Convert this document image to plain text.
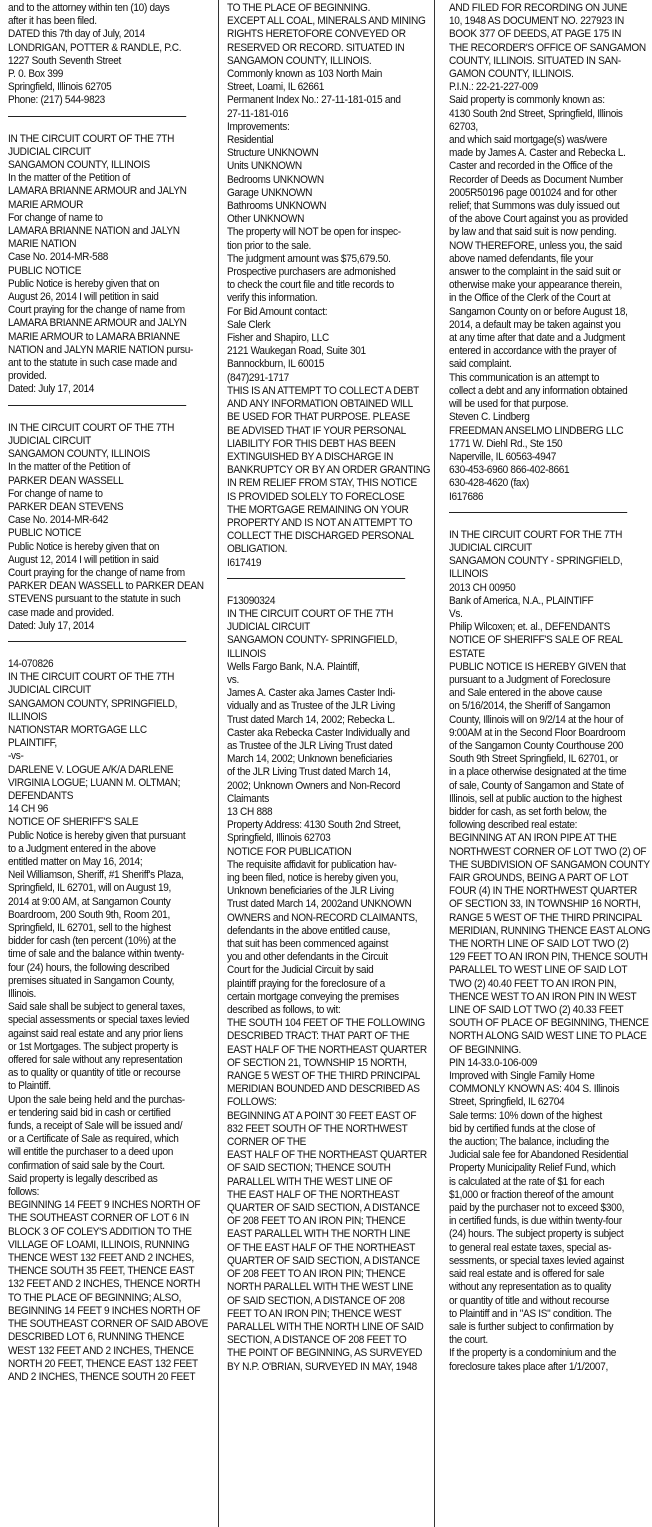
and to the attorney within ten (10) days
after it has been filed.
DATED this 7th day of July, 2014
LONDRIGAN, POTTER & RANDLE, P.C.
1227 South Seventh Street
P. 0. Box 399
Springfield, Illinois 62705
Phone: (217) 544-9823
IN THE CIRCUIT COURT OF THE 7TH
JUDICIAL CIRCUIT
SANGAMON COUNTY, ILLINOIS
In the matter of the Petition of
LAMARA BRIANNE ARMOUR and JALYN
MARIE ARMOUR
For change of name to
LAMARA BRIANNE NATION and JALYN
MARIE NATION
Case No. 2014-MR-588
PUBLIC NOTICE
Public Notice is hereby given that on
August 26, 2014 I will petition in said
Court praying for the change of name from
LAMARA BRIANNE ARMOUR and JALYN
MARIE ARMOUR to LAMARA BRIANNE
NATION and JALYN MARIE NATION pursu-
ant to the statute in such case made and
provided.
Dated: July 17, 2014
IN THE CIRCUIT COURT OF THE 7TH
JUDICIAL CIRCUIT
SANGAMON COUNTY, ILLINOIS
In the matter of the Petition of
PARKER DEAN WASSELL
For change of name to
PARKER DEAN STEVENS
Case No. 2014-MR-642
PUBLIC NOTICE
Public Notice is hereby given that on
August 12, 2014 I will petition in said
Court praying for the change of name from
PARKER DEAN WASSELL to PARKER DEAN
STEVENS pursuant to the statute in such
case made and provided.
Dated: July 17, 2014
14-070826
IN THE CIRCUIT COURT OF THE 7TH
JUDICIAL CIRCUIT
SANGAMON COUNTY, SPRINGFIELD,
ILLINOIS
NATIONSTAR MORTGAGE LLC
PLAINTIFF,
-vs-
DARLENE V. LOGUE A/K/A DARLENE
VIRGINIA LOGUE; LUANN M. OLTMAN;
DEFENDANTS
14 CH 96
NOTICE OF SHERIFF'S SALE
Public Notice is hereby given that pursuant
to a Judgment entered in the above
entitled matter on May 16, 2014;
Neil Williamson, Sheriff, #1 Sheriff's Plaza,
Springfield, IL 62701, will on August 19,
2014 at 9:00 AM, at Sangamon County
Boardroom, 200 South 9th, Room 201,
Springfield, IL 62701, sell to the highest
bidder for cash (ten percent (10%) at the
time of sale and the balance within twenty-
four (24) hours, the following described
premises situated in Sangamon County,
Illinois.
Said sale shall be subject to general taxes,
special assessments or special taxes levied
against said real estate and any prior liens
or 1st Mortgages. The subject property is
offered for sale without any representation
as to quality or quantity of title or recourse
to Plaintiff.
Upon the sale being held and the purchas-
er tendering said bid in cash or certified
funds, a receipt of Sale will be issued and/
or a Certificate of Sale as required, which
will entitle the purchaser to a deed upon
confirmation of said sale by the Court.
Said property is legally described as
follows:
BEGINNING 14 FEET 9 INCHES NORTH OF
THE SOUTHEAST CORNER OF LOT 6 IN
BLOCK 3 OF COLEY'S ADDITION TO THE
VILLAGE OF LOAMI, ILLINOIS, RUNNING
THENCE WEST 132 FEET AND 2 INCHES,
THENCE SOUTH 35 FEET, THENCE EAST
132 FEET AND 2 INCHES, THENCE NORTH
TO THE PLACE OF BEGINNING; ALSO,
BEGINNING 14 FEET 9 INCHES NORTH OF
THE SOUTHEAST CORNER OF SAID ABOVE
DESCRIBED LOT 6, RUNNING THENCE
WEST 132 FEET AND 2 INCHES, THENCE
NORTH 20 FEET, THENCE EAST 132 FEET
AND 2 INCHES, THENCE SOUTH 20 FEET
TO THE PLACE OF BEGINNING.
EXCEPT ALL COAL, MINERALS AND MINING
RIGHTS HERETOFORE CONVEYED OR
RESERVED OR RECORD. SITUATED IN
SANGAMON COUNTY, ILLINOIS.
Commonly known as 103 North Main
Street, Loami, IL 62661
Permanent Index No.: 27-11-181-015 and
27-11-181-016
Improvements:
Residential
Structure UNKNOWN
Units UNKNOWN
Bedrooms UNKNOWN
Garage UNKNOWN
Bathrooms UNKNOWN
Other UNKNOWN
The property will NOT be open for inspec-
tion prior to the sale.
The judgment amount was $75,679.50.
Prospective purchasers are admonished
to check the court file and title records to
verify this information.
For Bid Amount contact:
Sale Clerk
Fisher and Shapiro, LLC
2121 Waukegan Road, Suite 301
Bannockburn, IL 60015
(847)291-1717
THIS IS AN ATTEMPT TO COLLECT A DEBT
AND ANY INFORMATION OBTAINED WILL
BE USED FOR THAT PURPOSE. PLEASE
BE ADVISED THAT IF YOUR PERSONAL
LIABILITY FOR THIS DEBT HAS BEEN
EXTINGUISHED BY A DISCHARGE IN
BANKRUPTCY OR BY AN ORDER GRANTING
IN REM RELIEF FROM STAY, THIS NOTICE
IS PROVIDED SOLELY TO FORECLOSE
THE MORTGAGE REMAINING ON YOUR
PROPERTY AND IS NOT AN ATTEMPT TO
COLLECT THE DISCHARGED PERSONAL
OBLIGATION.
I617419
F13090324
IN THE CIRCUIT COURT OF THE 7TH
JUDICIAL CIRCUIT
SANGAMON COUNTY- SPRINGFIELD,
ILLINOIS
Wells Fargo Bank, N.A. Plaintiff,
vs.
James A. Caster aka James Caster Indi-
vidually and as Trustee of the JLR Living
Trust dated March 14, 2002; Rebecka L.
Caster aka Rebecka Caster Individually and
as Trustee of the JLR Living Trust dated
March 14, 2002; Unknown beneficiaries
of the JLR Living Trust dated March 14,
2002; Unknown Owners and Non-Record
Claimants
13 CH 888
Property Address: 4130 South 2nd Street,
Springfield, Illinois 62703
NOTICE FOR PUBLICATION
The requisite affidavit for publication hav-
ing been filed, notice is hereby given you,
Unknown beneficiaries of the JLR Living
Trust dated March 14, 2002and UNKNOWN
OWNERS and NON-RECORD CLAIMANTS,
defendants in the above entitled cause,
that suit has been commenced against
you and other defendants in the Circuit
Court for the Judicial Circuit by said
plaintiff praying for the foreclosure of a
certain mortgage conveying the premises
described as follows, to wit:
THE SOUTH 104 FEET OF THE FOLLOWING
DESCRIBED TRACT: THAT PART OF THE
EAST HALF OF THE NORTHEAST QUARTER
OF SECTION 21, TOWNSHIP 15 NORTH,
RANGE 5 WEST OF THE THIRD PRINCIPAL
MERIDIAN BOUNDED AND DESCRIBED AS
FOLLOWS:
BEGINNING AT A POINT 30 FEET EAST OF
832 FEET SOUTH OF THE NORTHWEST
CORNER OF THE
EAST HALF OF THE NORTHEAST QUARTER
OF SAID SECTION; THENCE SOUTH
PARALLEL WITH THE WEST LINE OF
THE EAST HALF OF THE NORTHEAST
QUARTER OF SAID SECTION, A DISTANCE
OF 208 FEET TO AN IRON PIN; THENCE
EAST PARALLEL WITH THE NORTH LINE
OF THE EAST HALF OF THE NORTHEAST
QUARTER OF SAID SECTION, A DISTANCE
OF 208 FEET TO AN IRON PIN; THENCE
NORTH PARALLEL WITH THE WEST LINE
OF SAID SECTION, A DISTANCE OF 208
FEET TO AN IRON PIN; THENCE WEST
PARALLEL WITH THE NORTH LINE OF SAID
SECTION, A DISTANCE OF 208 FEET TO
THE POINT OF BEGINNING, AS SURVEYED
BY N.P. O'BRIAN, SURVEYED IN MAY, 1948
AND FILED FOR RECORDING ON JUNE
10, 1948 AS DOCUMENT NO. 227923 IN
BOOK 377 OF DEEDS, AT PAGE 175 IN
THE RECORDER'S OFFICE OF SANGAMON
COUNTY, ILLINOIS. SITUATED IN SAN-
GAMON COUNTY, ILLINOIS.
P.I.N.: 22-21-227-009
Said property is commonly known as:
4130 South 2nd Street, Springfield, Illinois
62703,
and which said mortgage(s) was/were
made by James A. Caster and Rebecka L.
Caster and recorded in the Office of the
Recorder of Deeds as Document Number
2005R50196 page 001024 and for other
relief; that Summons was duly issued out
of the above Court against you as provided
by law and that said suit is now pending.
NOW THEREFORE, unless you, the said
above named defendants, file your
answer to the complaint in the said suit or
otherwise make your appearance therein,
in the Office of the Clerk of the Court at
Sangamon County on or before August 18,
2014, a default may be taken against you
at any time after that date and a Judgment
entered in accordance with the prayer of
said complaint.
This communication is an attempt to
collect a debt and any information obtained
will be used for that purpose.
Steven C. Lindberg
FREEDMAN ANSELMO LINDBERG LLC
1771 W. Diehl Rd., Ste 150
Naperville, IL 60563-4947
630-453-6960 866-402-8661
630-428-4620 (fax)
I617686
IN THE CIRCUIT COURT FOR THE 7TH
JUDICIAL CIRCUIT
SANGAMON COUNTY - SPRINGFIELD,
ILLINOIS
2013 CH 00950
Bank of America, N.A., PLAINTIFF
Vs.
Philip Wilcoxen; et. al., DEFENDANTS
NOTICE OF SHERIFF'S SALE OF REAL
ESTATE
PUBLIC NOTICE IS HEREBY GIVEN that
pursuant to a Judgment of Foreclosure
and Sale entered in the above cause
on 5/16/2014, the Sheriff of Sangamon
County, Illinois will on 9/2/14 at the hour of
9:00AM at in the Second Floor Boardroom
of the Sangamon County Courthouse 200
South 9th Street Springfield, IL 62701, or
in a place otherwise designated at the time
of sale, County of Sangamon and State of
Illinois, sell at public auction to the highest
bidder for cash, as set forth below, the
following described real estate:
BEGINNING AT AN IRON PIPE AT THE
NORTHWEST CORNER OF LOT TWO (2) OF
THE SUBDIVISION OF SANGAMON COUNTY
FAIR GROUNDS, BEING A PART OF LOT
FOUR (4) IN THE NORTHWEST QUARTER
OF SECTION 33, IN TOWNSHIP 16 NORTH,
RANGE 5 WEST OF THE THIRD PRINCIPAL
MERIDIAN, RUNNING THENCE EAST ALONG
THE NORTH LINE OF SAID LOT TWO (2)
129 FEET TO AN IRON PIN, THENCE SOUTH
PARALLEL TO WEST LINE OF SAID LOT
TWO (2) 40.40 FEET TO AN IRON PIN,
THENCE WEST TO AN IRON PIN IN WEST
LINE OF SAID LOT TWO (2) 40.33 FEET
SOUTH OF PLACE OF BEGINNING, THENCE
NORTH ALONG SAID WEST LINE TO PLACE
OF BEGINNING.
PIN 14-33.0-106-009
Improved with Single Family Home
COMMONLY KNOWN AS: 404 S. Illinois
Street, Springfield, IL 62704
Sale terms: 10% down of the highest
bid by certified funds at the close of
the auction; The balance, including the
Judicial sale fee for Abandoned Residential
Property Municipality Relief Fund, which
is calculated at the rate of $1 for each
$1,000 or fraction thereof of the amount
paid by the purchaser not to exceed $300,
in certified funds, is due within twenty-four
(24) hours. The subject property is subject
to general real estate taxes, special as-
sessments, or special taxes levied against
said real estate and is offered for sale
without any representation as to quality
or quantity of title and without recourse
to Plaintiff and in "AS IS" condition. The
sale is further subject to confirmation by
the court.
If the property is a condominium and the
foreclosure takes place after 1/1/2007,
